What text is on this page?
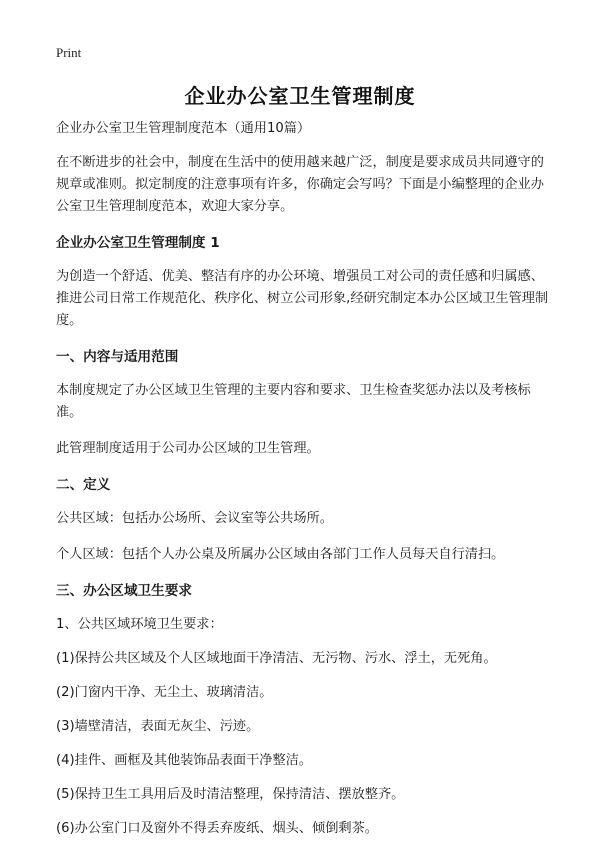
Print
企业办公室卫生管理制度

企业办公室卫生管理制度范本（通用10篇）

在不断进步的社会中，制度在生活中的使用越来越广泛，制度是要求成员共同遵守的规章或准则。拟定制度的注意事项有许多，你确定会写吗？下面是小编整理的企业办公室卫生管理制度范本，欢迎大家分享。

企业办公室卫生管理制度 1

为创造一个舒适、优美、整洁有序的办公环境、增强员工对公司的责任感和归属感、推进公司日常工作规范化、秩序化、树立公司形象,经研究制定本办公区域卫生管理制度。

一、内容与适用范围

本制度规定了办公区域卫生管理的主要内容和要求、卫生检查奖惩办法以及考核标准。

此管理制度适用于公司办公区域的卫生管理。

二、定义

公共区域：包括办公场所、会议室等公共场所。

个人区域：包括个人办公桌及所属办公区域由各部门工作人员每天自行清扫。

三、办公区域卫生要求

1、公共区域环境卫生要求：

(1)保持公共区域及个人区域地面干净清洁、无污物、污水、浮土，无死角。

(2)门窗内干净、无尘土、玻璃清洁。

(3)墙壁清洁，表面无灰尘、污迹。

(4)挂件、画框及其他装饰品表面干净整洁。

(5)保持卫生工具用后及时清洁整理，保持清洁、摆放整齐。

(6)办公室门口及窗外不得丢弃废纸、烟头、倾倒剩茶。
